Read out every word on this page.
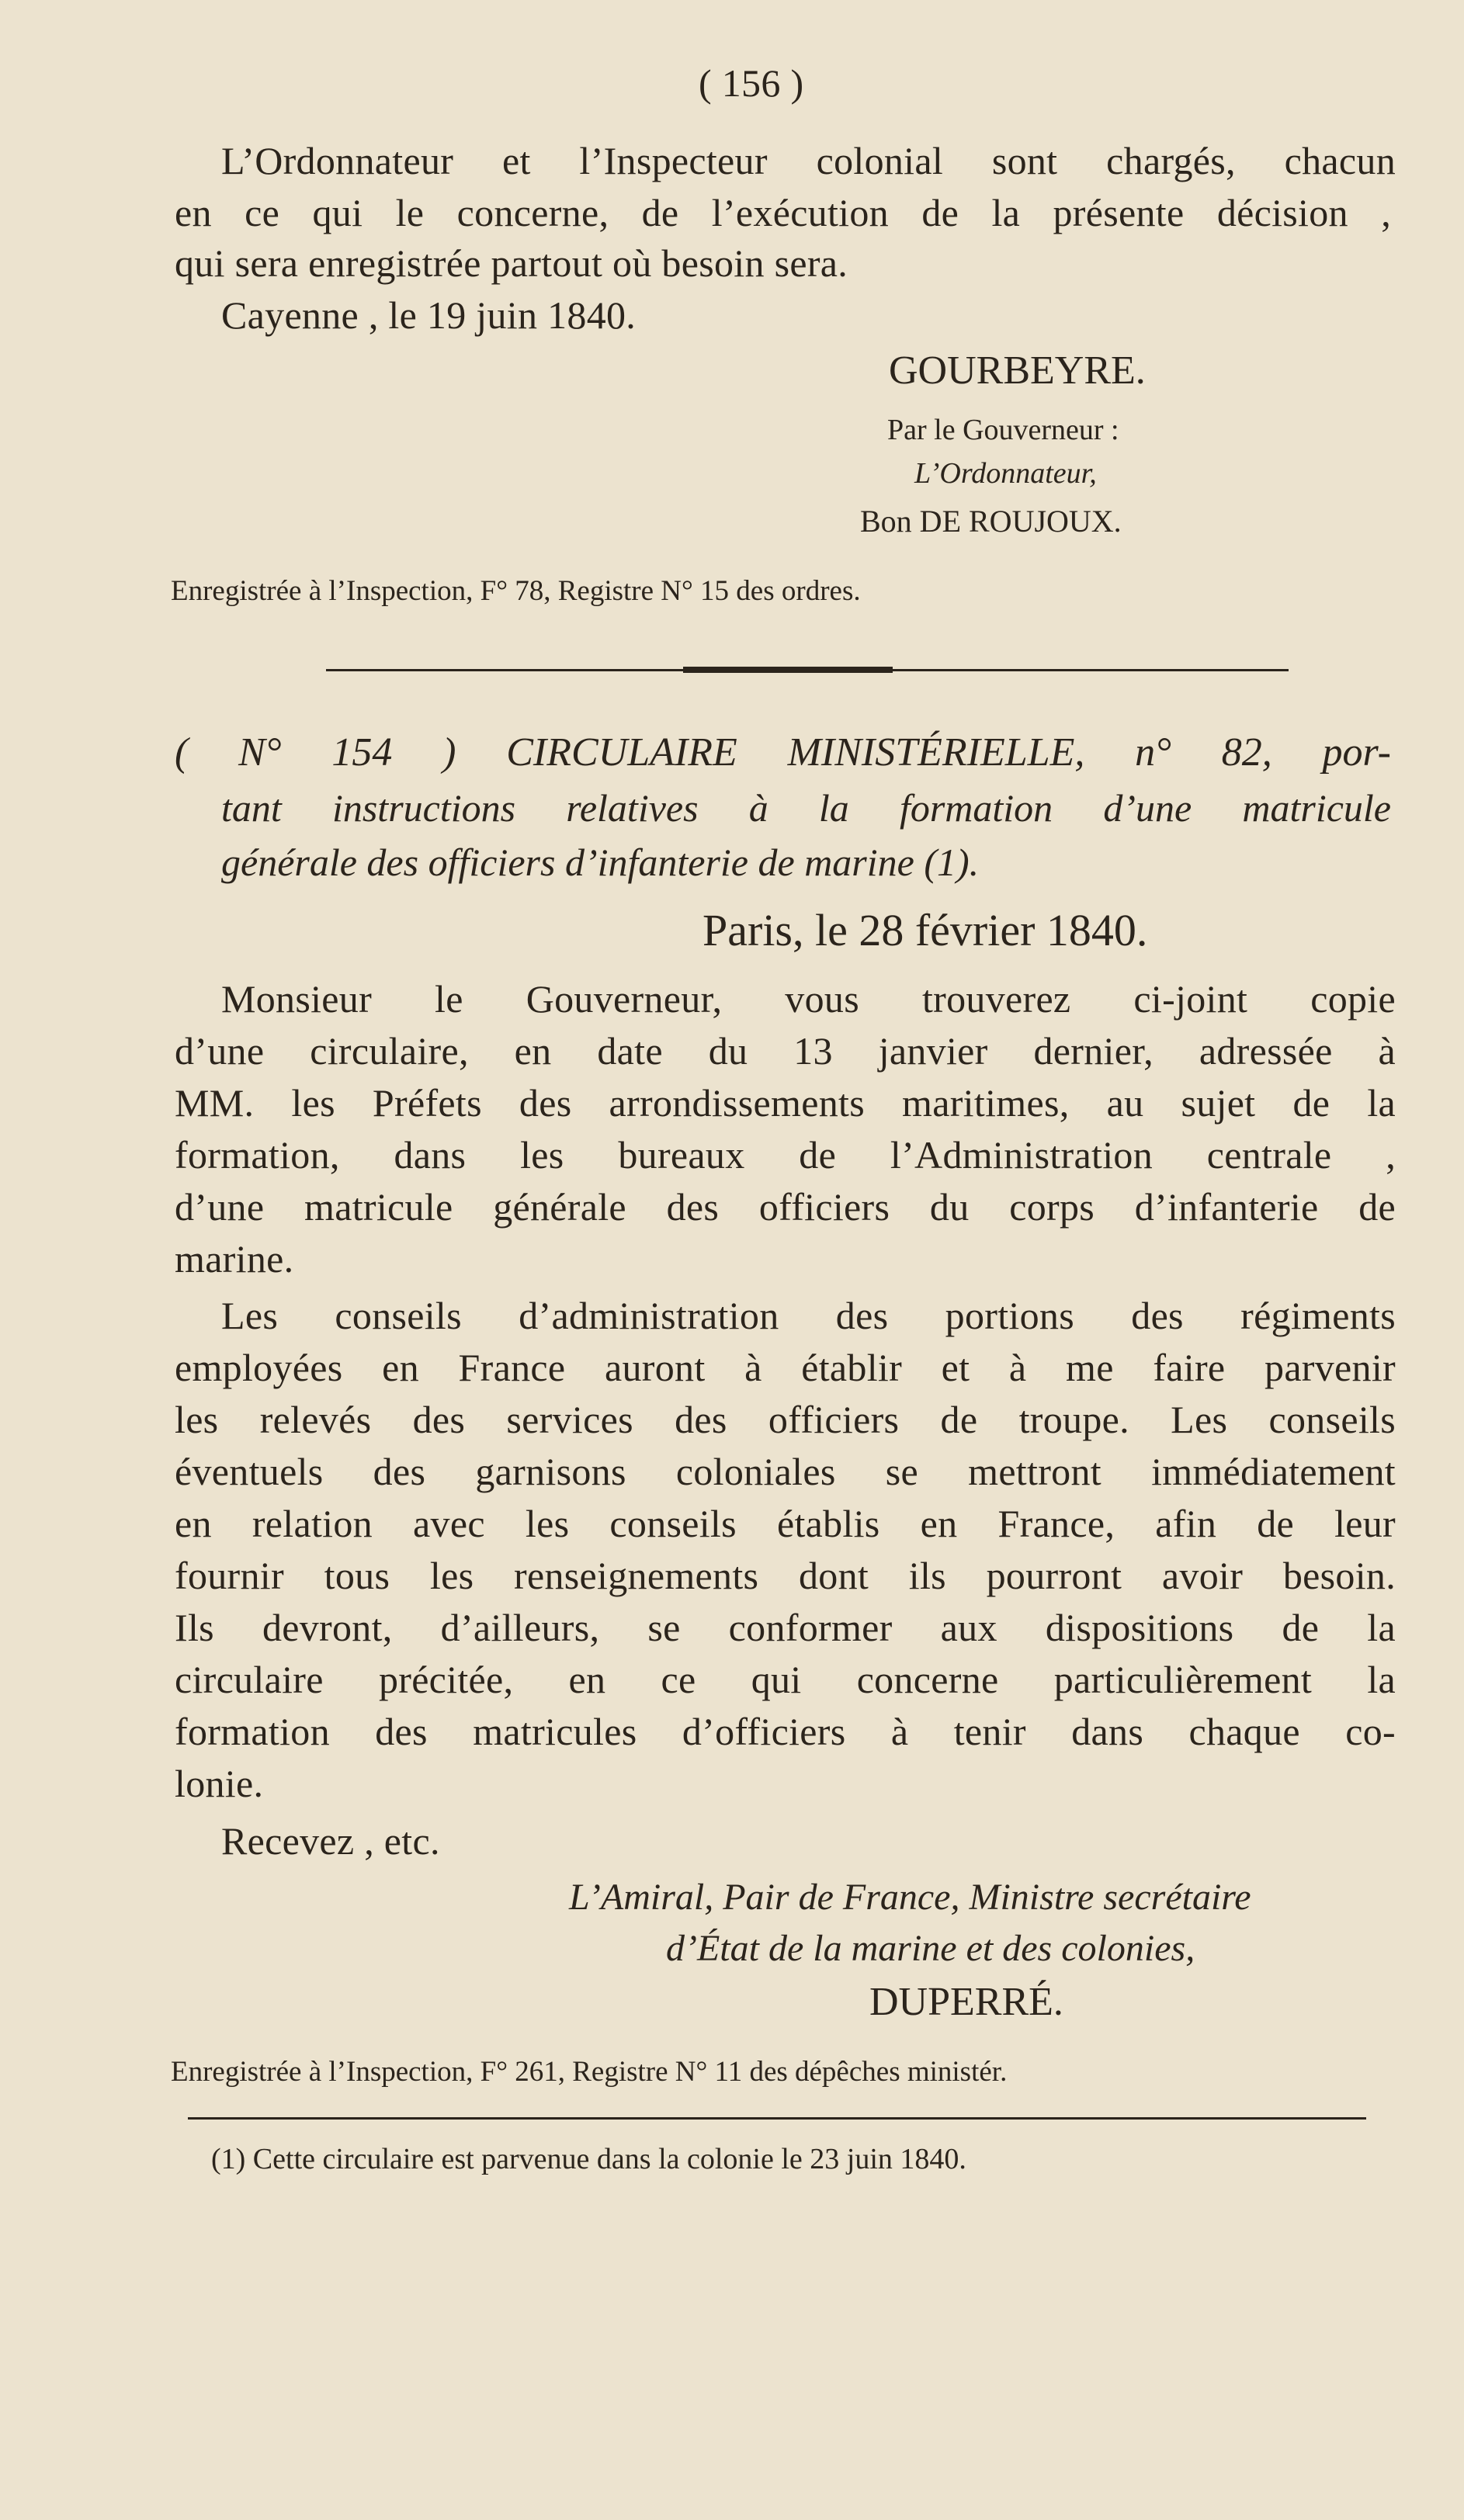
( 156 )
L’Ordonnateur et l’Inspecteur colonial sont chargés, chacun
en ce qui le concerne, de l’exécution de la présente décision ,
qui sera enregistrée partout où besoin sera.
Cayenne , le 19 juin 1840.
GOURBEYRE.
Par le Gouverneur :
L’Ordonnateur,
Bon DE ROUJOUX.
Enregistrée à l’Inspection, F° 78, Registre N° 15 des ordres.
( N° 154 ) CIRCULAIRE MINISTÉRIELLE, n° 82, por-
tant instructions relatives à la formation d’une matricule
générale des officiers d’infanterie de marine (1).
Paris, le 28 février 1840.
Monsieur le Gouverneur, vous trouverez ci-joint copie
d’une circulaire, en date du 13 janvier dernier, adressée à
MM. les Préfets des arrondissements maritimes, au sujet de la
formation, dans les bureaux de l’Administration centrale ,
d’une matricule générale des officiers du corps d’infanterie de
marine.
Les conseils d’administration des portions des régiments
employées en France auront à établir et à me faire parvenir
les relevés des services des officiers de troupe. Les conseils
éventuels des garnisons coloniales se mettront immédiatement
en relation avec les conseils établis en France, afin de leur
fournir tous les renseignements dont ils pourront avoir besoin.
Ils devront, d’ailleurs, se conformer aux dispositions de la
circulaire précitée, en ce qui concerne particulièrement la
formation des matricules d’officiers à tenir dans chaque co-
lonie.
Recevez , etc.
L’Amiral, Pair de France, Ministre secrétaire
d’État de la marine et des colonies,
DUPERRÉ.
Enregistrée à l’Inspection, F° 261, Registre N° 11 des dépêches ministér.
(1) Cette circulaire est parvenue dans la colonie le 23 juin 1840.
